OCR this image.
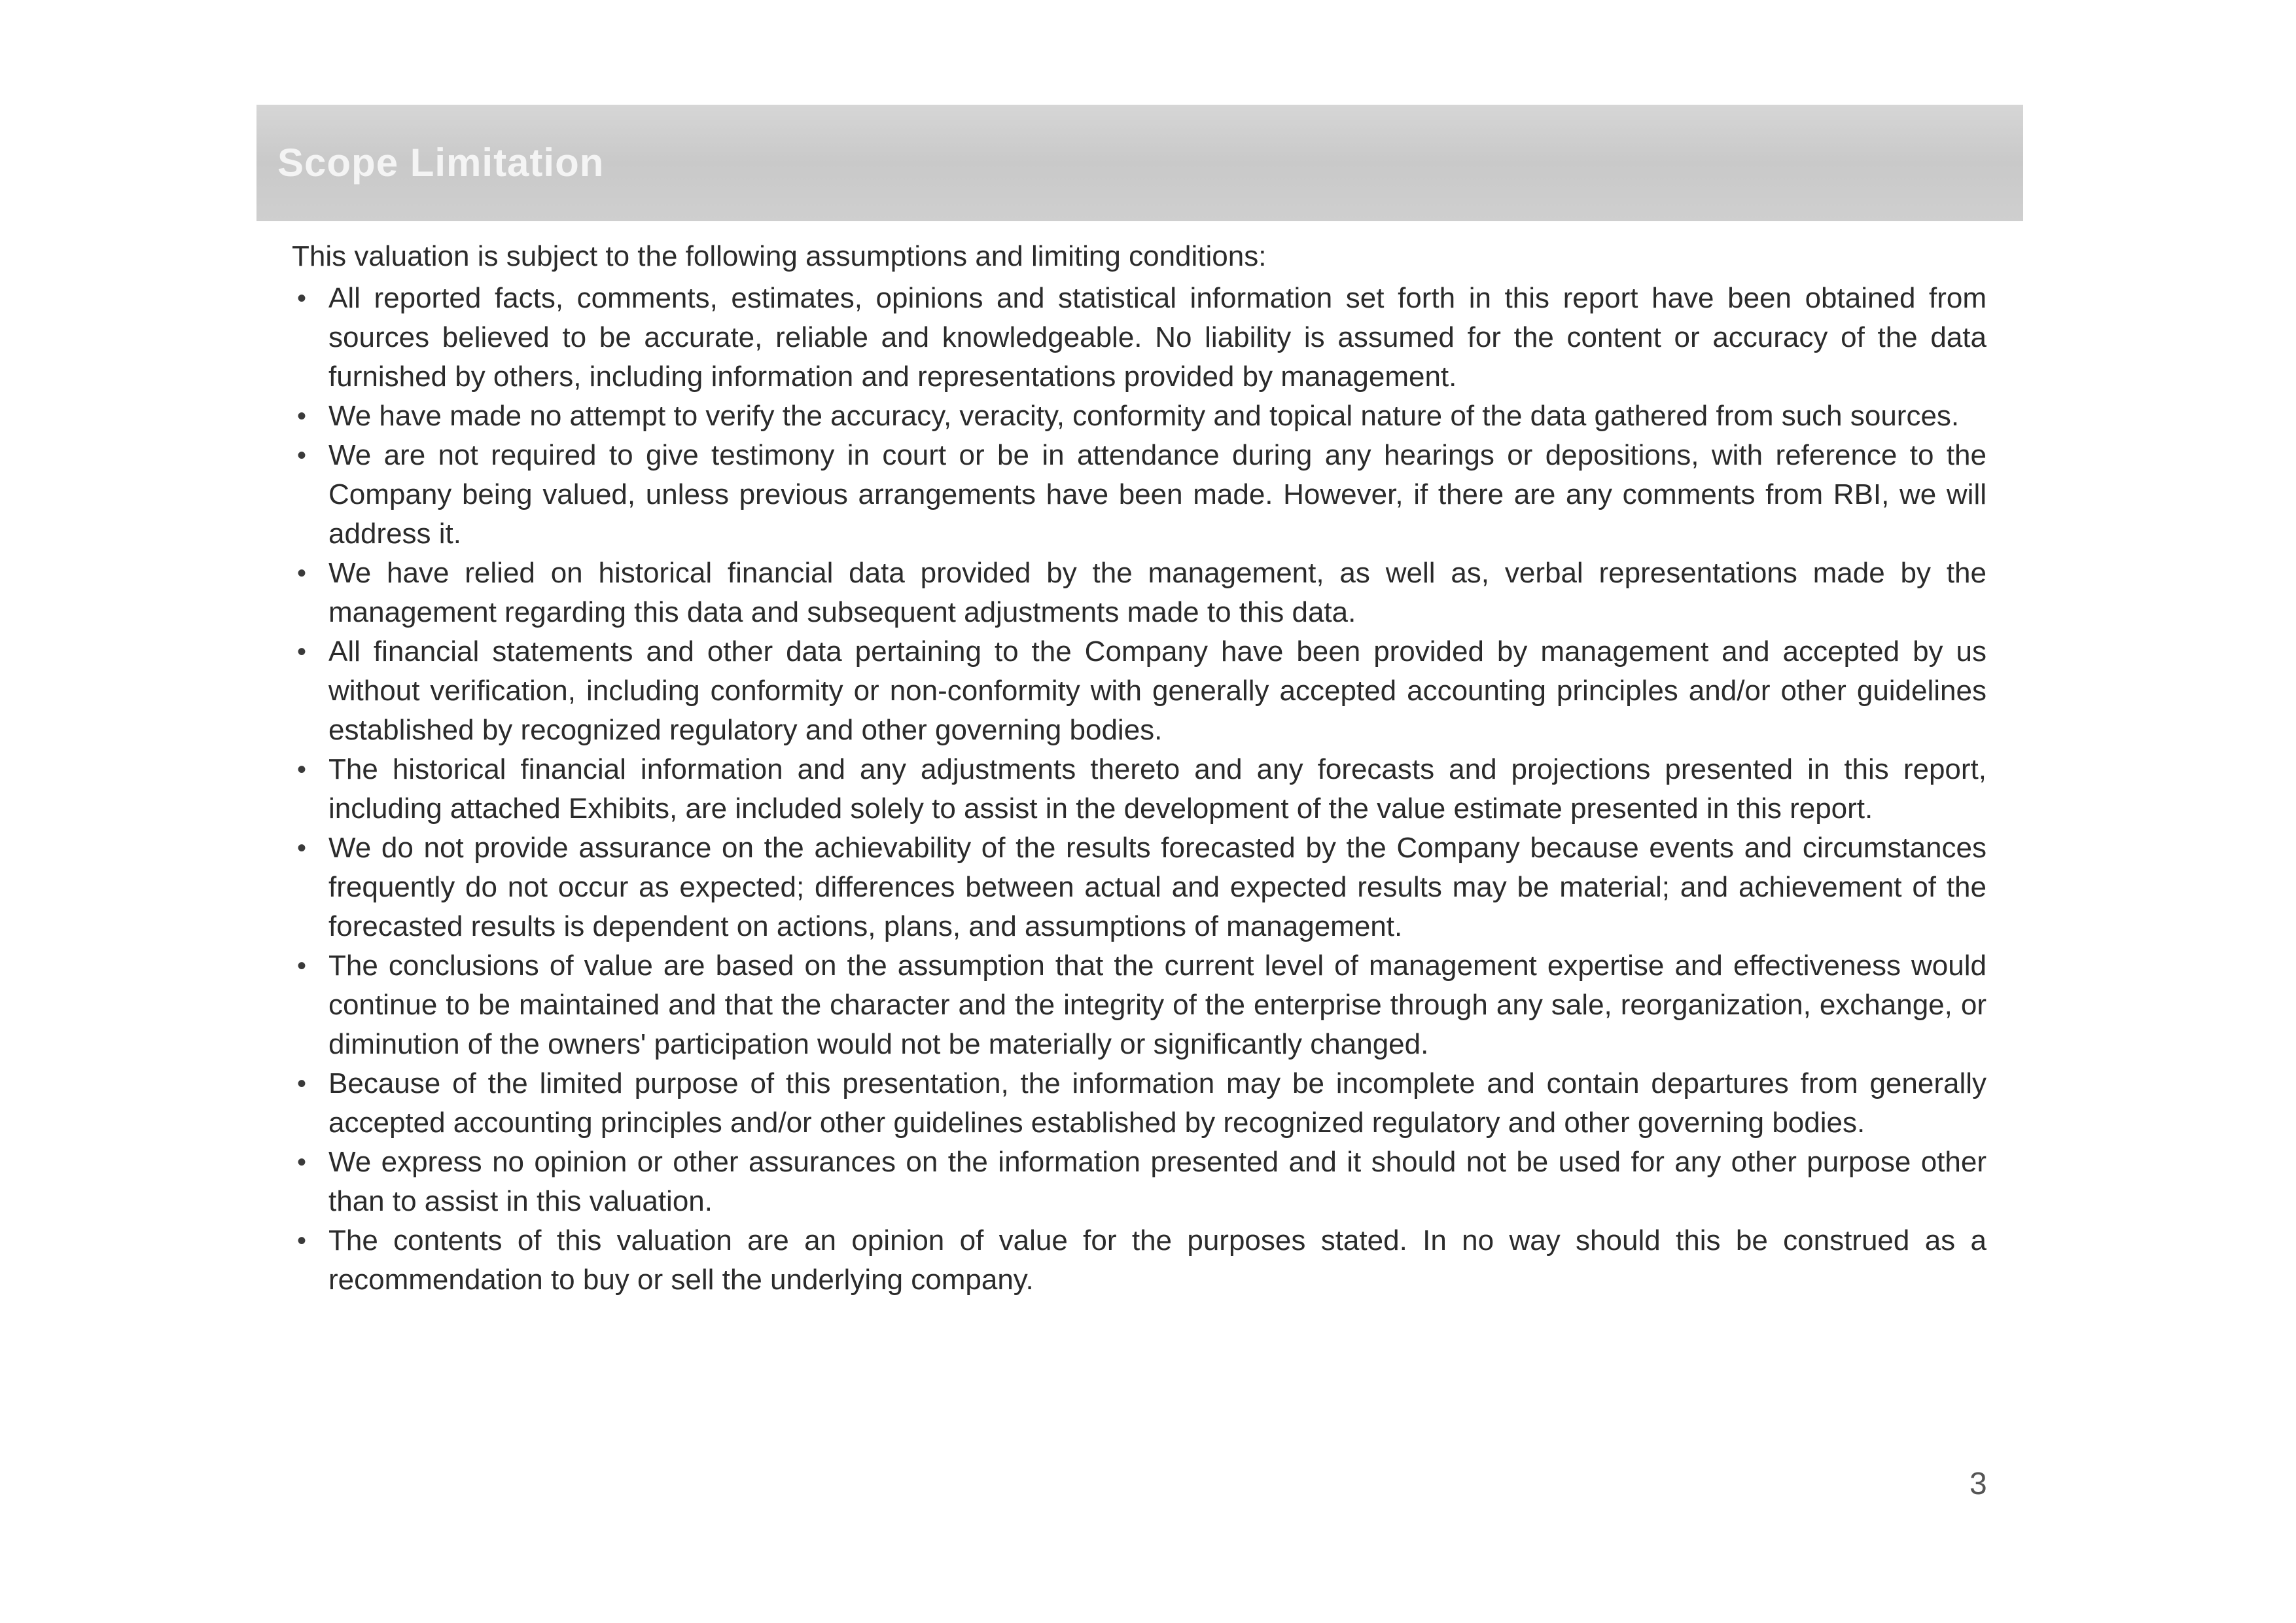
Scope Limitation

This valuation is subject to the following assumptions and limiting conditions:

• All reported facts, comments, estimates, opinions and statistical information set forth in this report have been obtained from sources believed to be accurate, reliable and knowledgeable. No liability is assumed for the content or accuracy of the data furnished by others, including information and representations provided by management.
• We have made no attempt to verify the accuracy, veracity, conformity and topical nature of the data gathered from such sources.
• We are not required to give testimony in court or be in attendance during any hearings or depositions, with reference to the Company being valued, unless previous arrangements have been made. However, if there are any comments from RBI, we will address it.
• We have relied on historical financial data provided by the management, as well as, verbal representations made by the management regarding this data and subsequent adjustments made to this data.
• All financial statements and other data pertaining to the Company have been provided by management and accepted by us without verification, including conformity or non-conformity with generally accepted accounting principles and/or other guidelines established by recognized regulatory and other governing bodies.
• The historical financial information and any adjustments thereto and any forecasts and projections presented in this report, including attached Exhibits, are included solely to assist in the development of the value estimate presented in this report.
• We do not provide assurance on the achievability of the results forecasted by the Company because events and circumstances frequently do not occur as expected; differences between actual and expected results may be material; and achievement of the forecasted results is dependent on actions, plans, and assumptions of management.
• The conclusions of value are based on the assumption that the current level of management expertise and effectiveness would continue to be maintained and that the character and the integrity of the enterprise through any sale, reorganization, exchange, or diminution of the owners' participation would not be materially or significantly changed.
• Because of the limited purpose of this presentation, the information may be incomplete and contain departures from generally accepted accounting principles and/or other guidelines established by recognized regulatory and other governing bodies.
• We express no opinion or other assurances on the information presented and it should not be used for any other purpose other than to assist in this valuation.
• The contents of this valuation are an opinion of value for the purposes stated. In no way should this be construed as a recommendation to buy or sell the underlying company.
3
